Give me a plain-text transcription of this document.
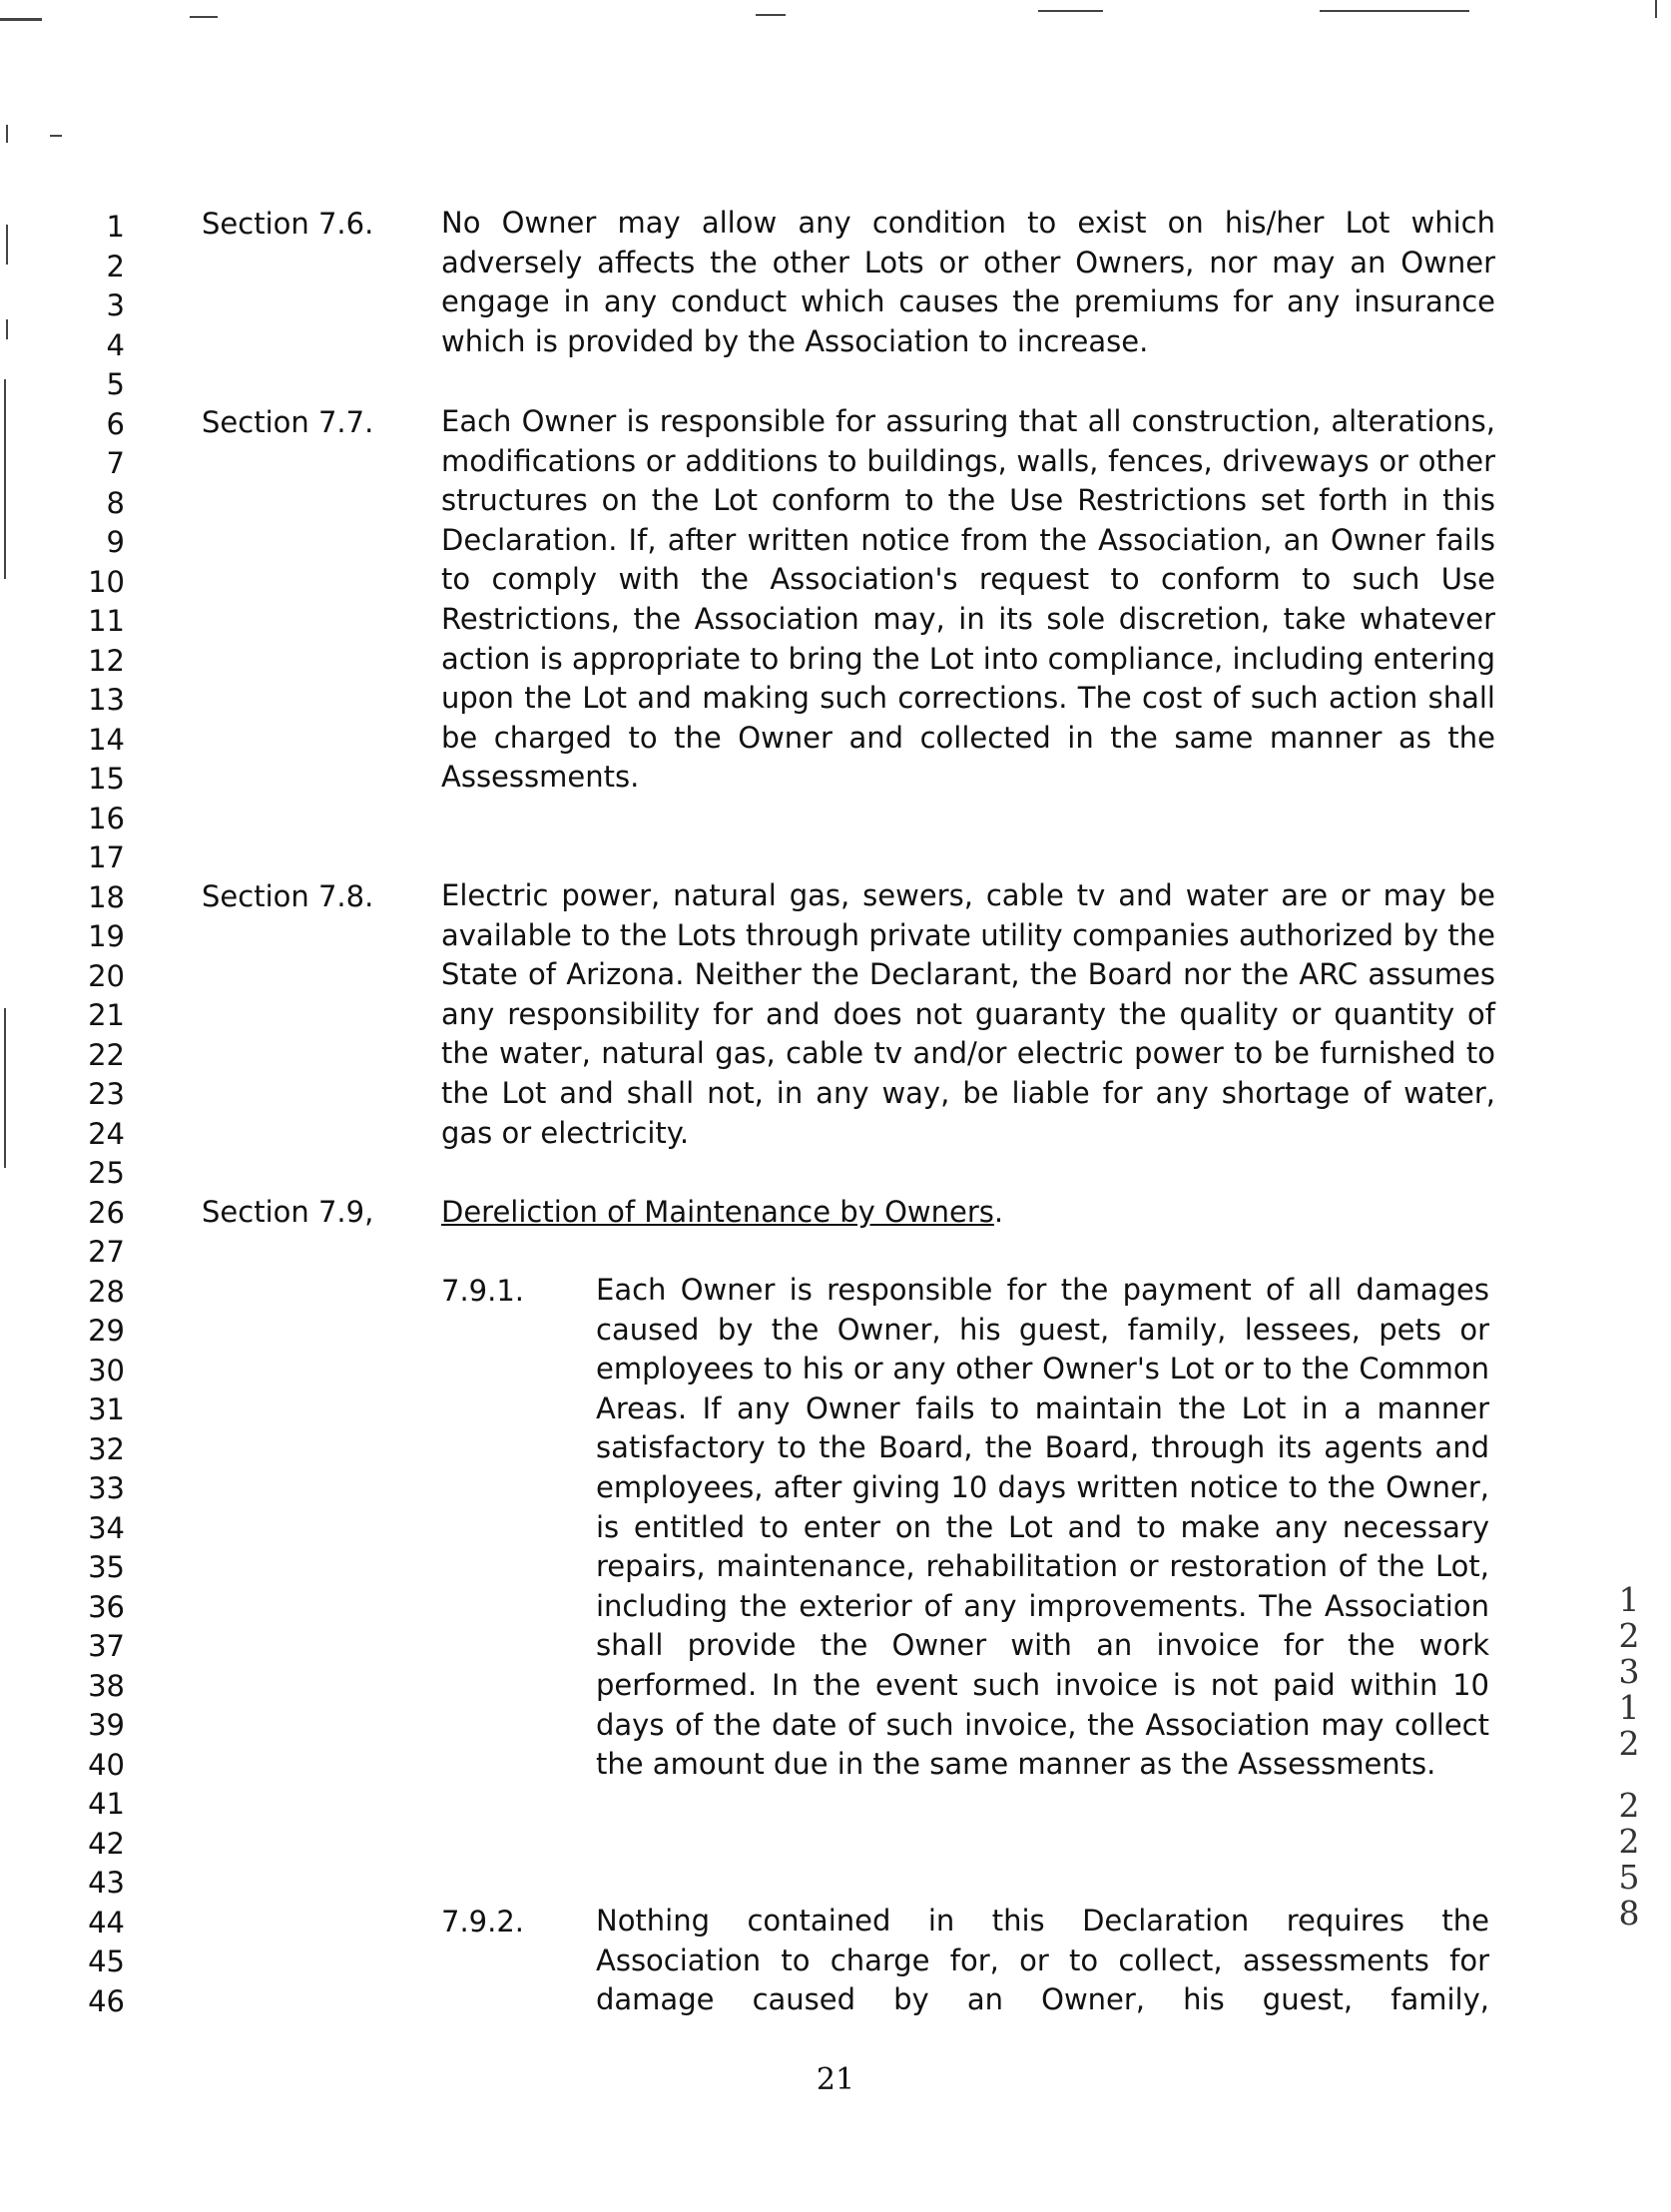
1
2
3
4
5
6
7
8
9
10
11
12
13
14
15
16
17
18
19
20
21
22
23
24
25
26
27
28
29
30
31
32
33
34
35
36
37
38
39
40
41
42
43
44
45
46
Section 7.6. No Owner may allow any condition to exist on his/her Lot which adversely affects the other Lots or other Owners, nor may an Owner engage in any conduct which causes the premiums for any insurance which is provided by the Association to increase.
Section 7.7. Each Owner is responsible for assuring that all construction, alterations, modifications or additions to buildings, walls, fences, driveways or other structures on the Lot conform to the Use Restrictions set forth in this Declaration. If, after written notice from the Association, an Owner fails to comply with the Association's request to conform to such Use Restrictions, the Association may, in its sole discretion, take whatever action is appropriate to bring the Lot into compliance, including entering upon the Lot and making such corrections. The cost of such action shall be charged to the Owner and collected in the same manner as the Assessments.
Section 7.8. Electric power, natural gas, sewers, cable tv and water are or may be available to the Lots through private utility companies authorized by the State of Arizona. Neither the Declarant, the Board nor the ARC assumes any responsibility for and does not guaranty the quality or quantity of the water, natural gas, cable tv and/or electric power to be furnished to the Lot and shall not, in any way, be liable for any shortage of water, gas or electricity.
Section 7.9, Dereliction of Maintenance by Owners.
7.9.1. Each Owner is responsible for the payment of all damages caused by the Owner, his guest, family, lessees, pets or employees to his or any other Owner's Lot or to the Common Areas. If any Owner fails to maintain the Lot in a manner satisfactory to the Board, the Board, through its agents and employees, after giving 10 days written notice to the Owner, is entitled to enter on the Lot and to make any necessary repairs, maintenance, rehabilitation or restoration of the Lot, including the exterior of any improvements. The Association shall provide the Owner with an invoice for the work performed. In the event such invoice is not paid within 10 days of the date of such invoice, the Association may collect the amount due in the same manner as the Assessments.
7.9.2. Nothing contained in this Declaration requires the Association to charge for, or to collect, assessments for damage caused by an Owner, his guest, family,
21
1
2
3
1
2
2
2
5
8
